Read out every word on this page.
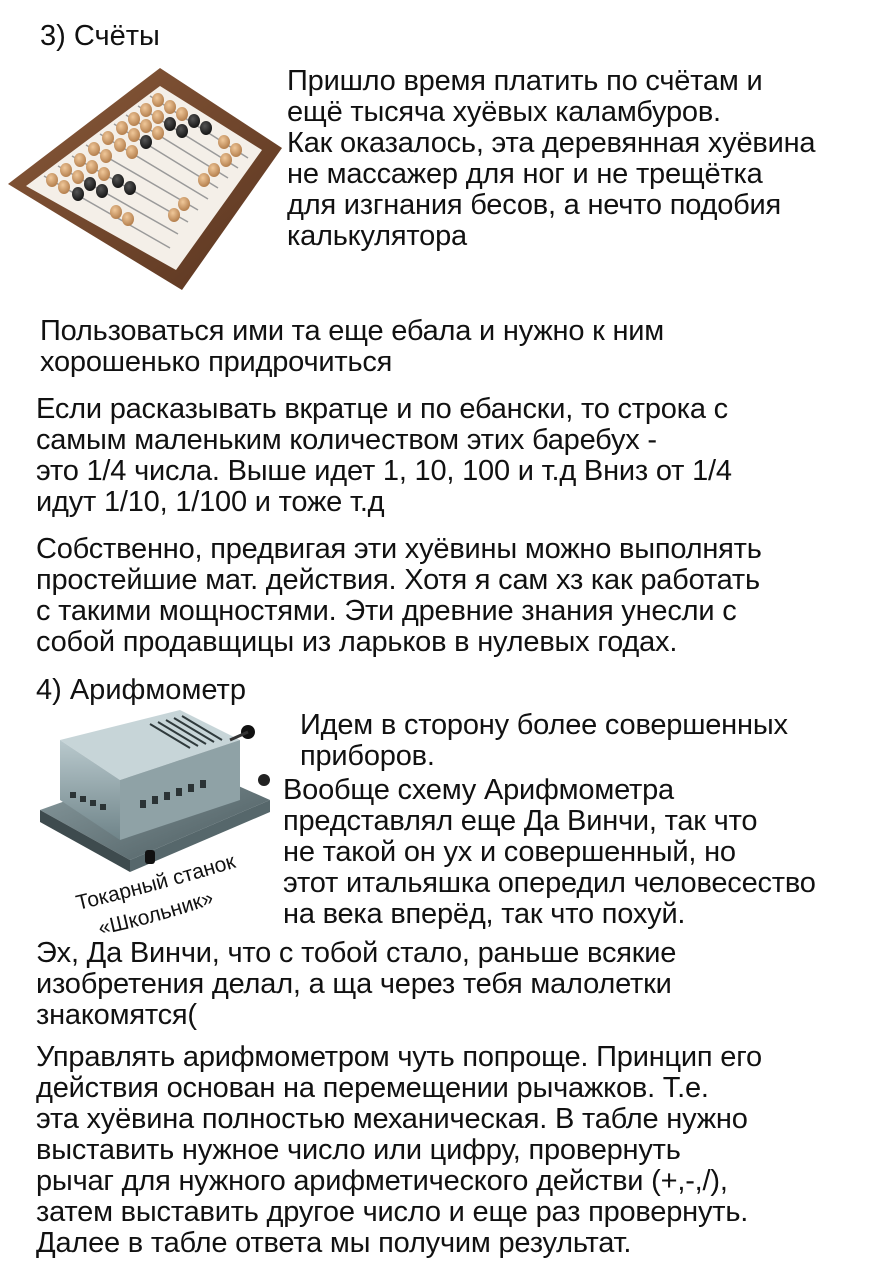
3) Счёты
Пришло время платить по счётам и
ещё тысяча хуёвых каламбуров.
Как оказалось, эта деревянная хуёвина
не массажер для ног и не трещётка
для изгнания бесов, а нечто подобия
калькулятора
Пользоваться ими та еще ебала и нужно к ним
хорошенько придрочиться
Если расказывать вкратце и по ебански, то строка с
самым маленьким количеством этих баребух -
это 1/4 числа. Выше идет 1, 10, 100 и т.д Вниз от 1/4
идут 1/10, 1/100 и тоже т.д
Собственно, предвигая эти хуёвины можно выполнять
простейшие мат. действия. Хотя я сам хз как работать
с такими мощностями. Эти древние знания унесли с
собой продавщицы из ларьков в нулевых годах.
4) Арифмометр
Токарный станок
«Школьник»
Идем в сторону более совершенных
приборов.
Вообще схему Арифмометра
представлял еще Да Винчи, так что
не такой он ух и совершенный, но
этот итальяшка опередил человесество
на века вперёд, так что похуй.
Эх, Да Винчи, что с тобой стало, раньше всякие
изобретения делал, а ща через тебя малолетки
знакомятся(
Управлять арифмометром чуть попроще. Принцип его
действия основан на перемещении рычажков. Т.е.
эта хуёвина полностью механическая. В табле нужно
выставить нужное число или цифру, провернуть
рычаг для нужного арифметического действи (+,-,/),
затем выставить другое число и еще раз провернуть.
Далее в табле ответа мы получим результат.
